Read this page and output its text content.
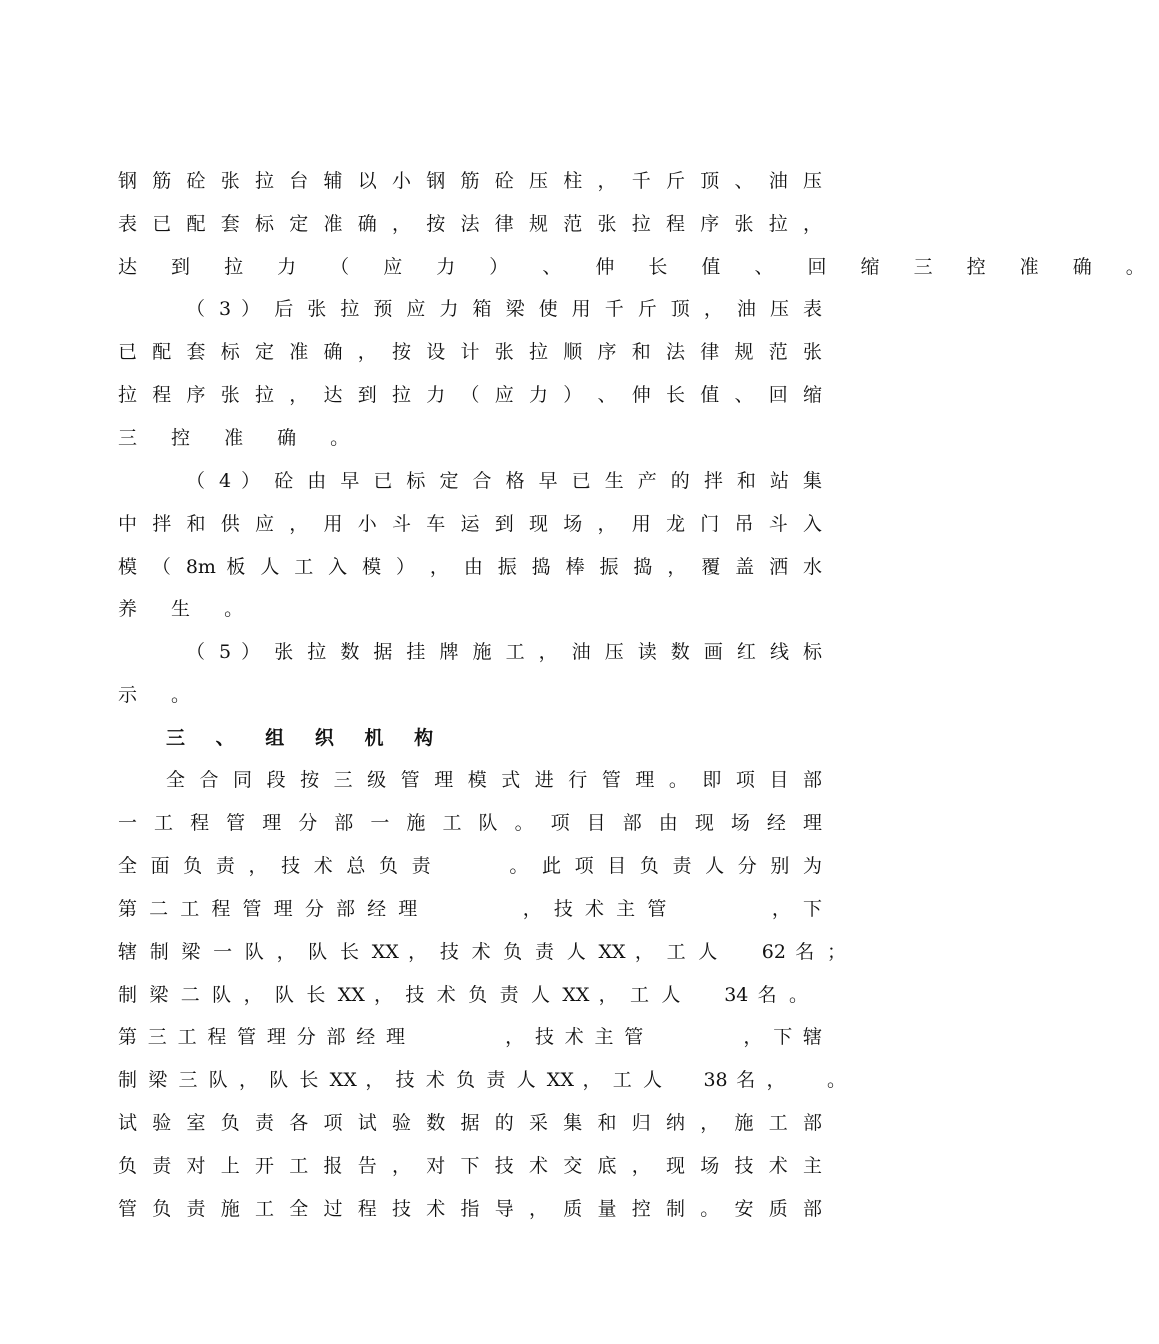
钢 筋 砼 张 拉 台 辅 以 小 钢 筋 砼 压 柱 ， 千 斤 顶 、 油 压
表 已 配 套 标 定 准 确 ， 按 法 律 规 范 张 拉 程 序 张 拉 ，
达 到 拉 力 （ 应 力 ） 、 伸 长 值 、 回 缩 三 控 准 确 。
（ 3 ） 后 张 拉 预 应 力 箱 梁 使 用 千 斤 顶 ， 油 压 表
已 配 套 标 定 准 确 ， 按 设 计 张 拉 顺 序 和 法 律 规 范 张
拉 程 序 张 拉 ， 达 到 拉 力 （ 应 力 ） 、 伸 长 值 、 回 缩
三 控 准 确 。
（ 4 ） 砼 由 早 已 标 定 合 格 早 已 生 产 的 拌 和 站 集
中 拌 和 供 应 ， 用 小 斗 车 运 到 现 场 ， 用 龙 门 吊 斗 入
模 （ 8m 板 人 工 入 模 ） ， 由 振 捣 棒 振 捣 ， 覆 盖 洒 水
养 生 。
（ 5 ） 张 拉 数 据 挂 牌 施 工 ， 油 压 读 数 画 红 线 标
示 。
三 、 组 织 机 构
全 合 同 段 按 三 级 管 理 模 式 进 行 管 理 。 即 项 目 部
一 工 程 管 理 分 部 一 施 工 队 。 项 目 部 由 现 场 经 理
全 面 负 责 ， 技 术 总 负 责 　 　 。 此 项 目 负 责 人 分 别 为
第 二 工 程 管 理 分 部 经 理 　 　 　 ， 技 术 主 管 　 　 　 ， 下
辖 制 梁 一 队 ， 队 长 XX ， 技 术 负 责 人 XX ， 工 人 　 62 名 ；
制 梁 二 队 ， 队 长 XX ， 技 术 负 责 人 XX ， 工 人 　 34 名 。
第 三 工 程 管 理 分 部 经 理 　 　 　 ， 技 术 主 管 　 　 　 ， 下 辖
制 梁 三 队 ， 队 长 XX ， 技 术 负 责 人 XX ， 工 人 　 38 名 ， 　 。
试 验 室 负 责 各 项 试 验 数 据 的 采 集 和 归 纳 ， 施 工 部
负 责 对 上 开 工 报 告 ， 对 下 技 术 交 底 ， 现 场 技 术 主
管 负 责 施 工 全 过 程 技 术 指 导 ， 质 量 控 制 。 安 质 部
